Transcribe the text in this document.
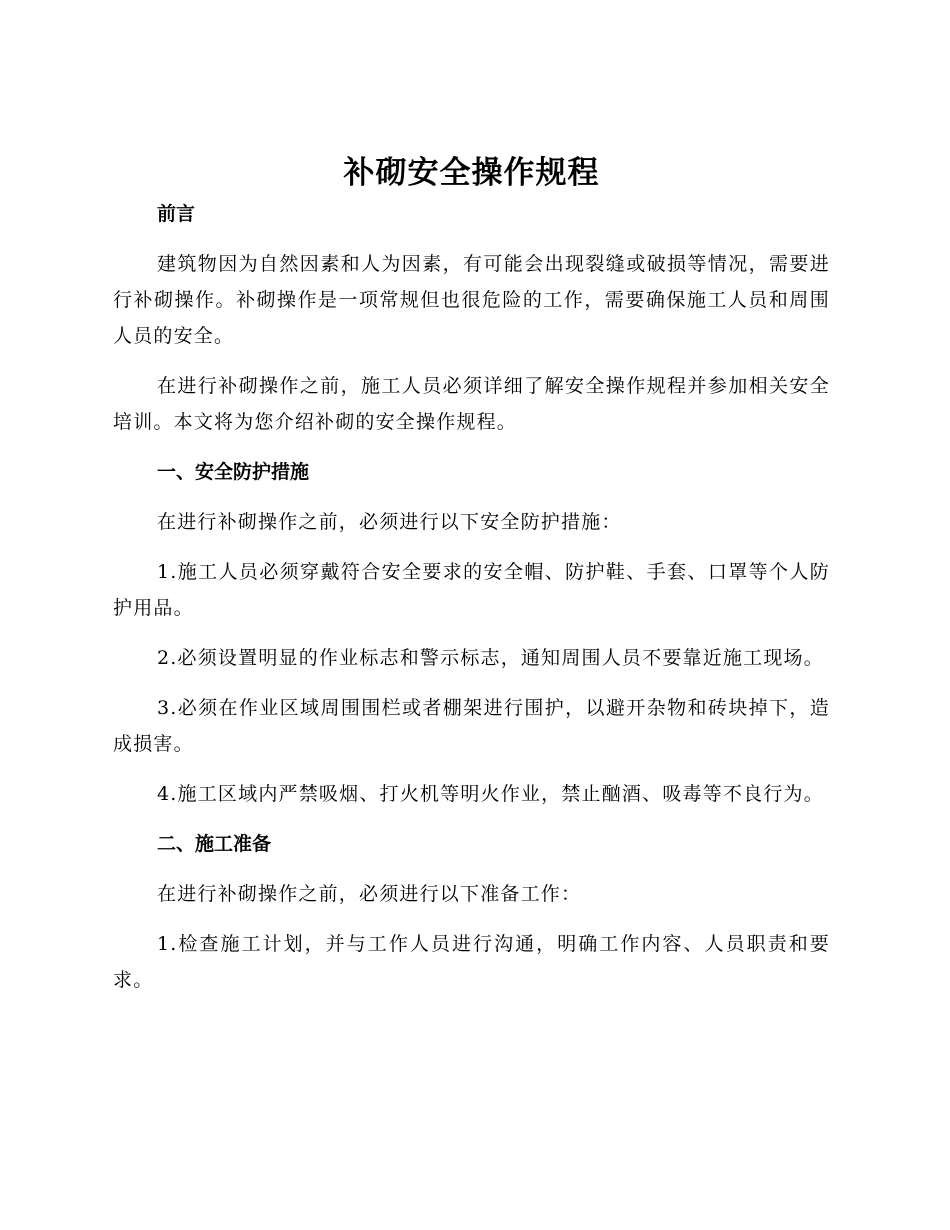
补砌安全操作规程
前言

建筑物因为自然因素和人为因素，有可能会出现裂缝或破损等情况，需要进行补砌操作。补砌操作是一项常规但也很危险的工作，需要确保施工人员和周围人员的安全。

在进行补砌操作之前，施工人员必须详细了解安全操作规程并参加相关安全培训。本文将为您介绍补砌的安全操作规程。

一、安全防护措施

在进行补砌操作之前，必须进行以下安全防护措施：

1.施工人员必须穿戴符合安全要求的安全帽、防护鞋、手套、口罩等个人防护用品。

2.必须设置明显的作业标志和警示标志，通知周围人员不要靠近施工现场。

3.必须在作业区域周围围栏或者棚架进行围护，以避开杂物和砖块掉下，造成损害。

4.施工区域内严禁吸烟、打火机等明火作业，禁止酗酒、吸毒等不良行为。

二、施工准备

在进行补砌操作之前，必须进行以下准备工作：

1.检查施工计划，并与工作人员进行沟通，明确工作内容、人员职责和要求。
